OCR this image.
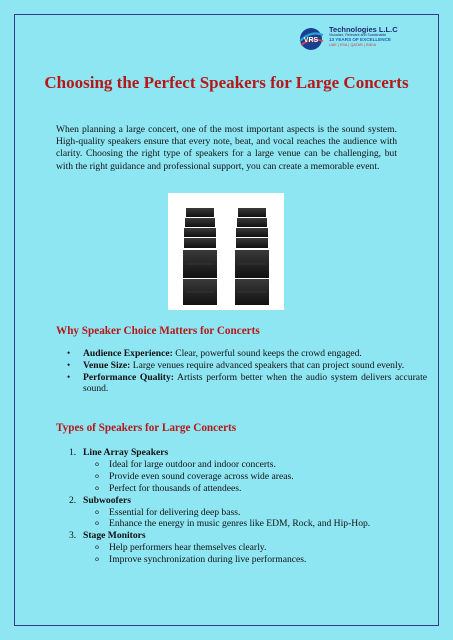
VRS
Technologies L.L.C
Visualize, Relevant and Sustainable
13 YEARS OF EXCELLENCE
UAE | KSA | QATAR | INDIA
Choosing the Perfect Speakers for Large Concerts

When planning a large concert, one of the most important aspects is the sound system. High-quality speakers ensure that every note, beat, and vocal reaches the audience with clarity. Choosing the right type of speakers for a large venue can be challenging, but with the right guidance and professional support, you can create a memorable event.

Why Speaker Choice Matters for Concerts
• Audience Experience: Clear, powerful sound keeps the crowd engaged.
• Venue Size: Large venues require advanced speakers that can project sound evenly.
• Performance Quality: Artists perform better when the audio system delivers accurate sound.
Types of Speakers for Large Concerts
1. Line Array Speakers
o Ideal for large outdoor and indoor concerts.
o Provide even sound coverage across wide areas.
o Perfect for thousands of attendees.
2. Subwoofers
o Essential for delivering deep bass.
o Enhance the energy in music genres like EDM, Rock, and Hip-Hop.
3. Stage Monitors
o Help performers hear themselves clearly.
o Improve synchronization during live performances.
